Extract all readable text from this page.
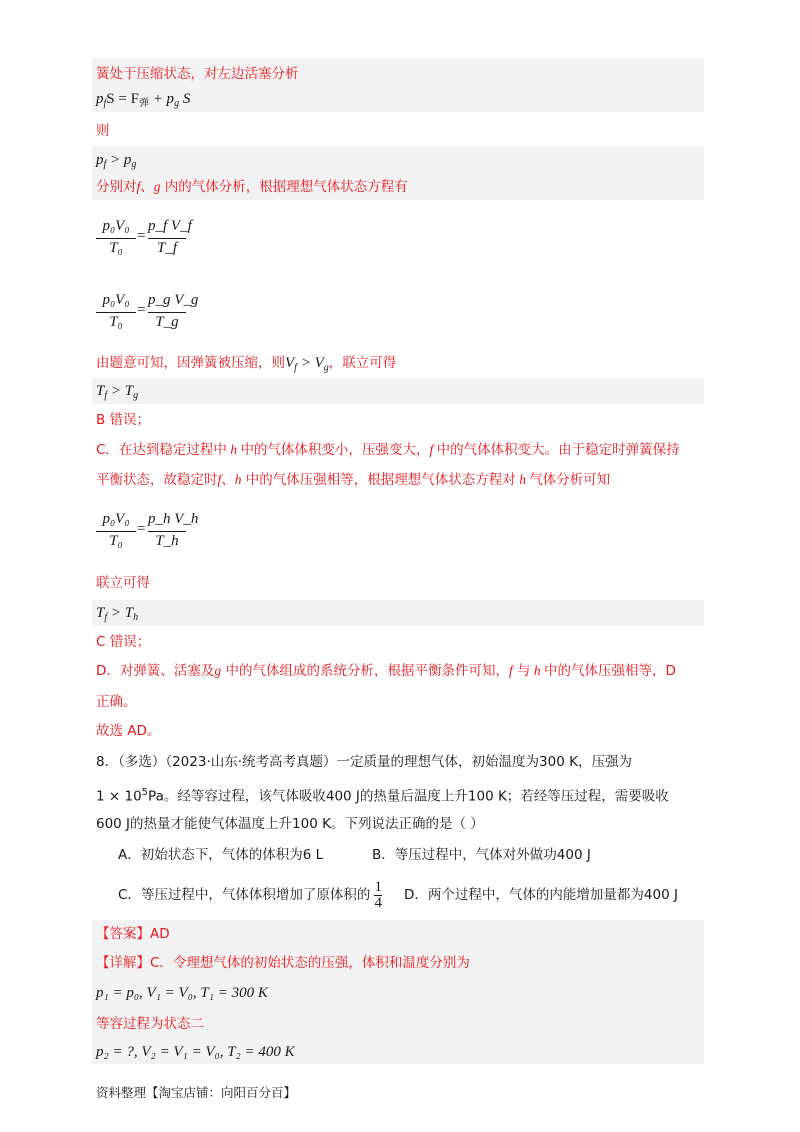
簧处于压缩状态，对左边活塞分析
$p_fS = F_弹 + p_g$ S
则
$p_f > p_g$
分别对f、g 内的气体分析，根据理想气体状态方程有
p₀V₀
T₀
=
p_f V_f
T_f
p₀V₀
T₀
=
p_g V_g
T_g
由题意可知，因弹簧被压缩，则$V_f > V_g$，联立可得
$T_f > T_g$
B 错误；
C．在达到稳定过程中 h 中的气体体积变小，压强变大，f 中的气体体积变大。由于稳定时弹簧保持
平衡状态，故稳定时f、h 中的气体压强相等，根据理想气体状态方程对 h 气体分析可知
p₀V₀
T₀
=
p_h V_h
T_h
联立可得
$T_f > T_h$
C 错误；
D．对弹簧、活塞及g 中的气体组成的系统分析，根据平衡条件可知，f 与 h 中的气体压强相等，D
正确。
故选 AD。
8．（多选）（2023·山东·统考高考真题）一定质量的理想气体，初始温度为300 K，压强为
$1 \times 10^5Pa$。经等容过程，该气体吸收400 J的热量后温度上升100 K；若经等压过程，需要吸收
600 J的热量才能使气体温度上升100 K。下列说法正确的是（ ）
A．初始状态下，气体的体积为6 L	B．等压过程中，气体对外做功400 J
C．等压过程中，气体体积增加了原体积的 $\frac{1}{4}$ D．两个过程中，气体的内能增加量都为400 J
【答案】AD
【详解】C．令理想气体的初始状态的压强，体积和温度分别为
p₁ = p₀, V₁ = V₀, T₁ = 300 K
等容过程为状态二
p₂ = ?, V₂ = V₁ = V₀, T₂ = 400 K
资料整理【淘宝店铺：向阳百分百】
